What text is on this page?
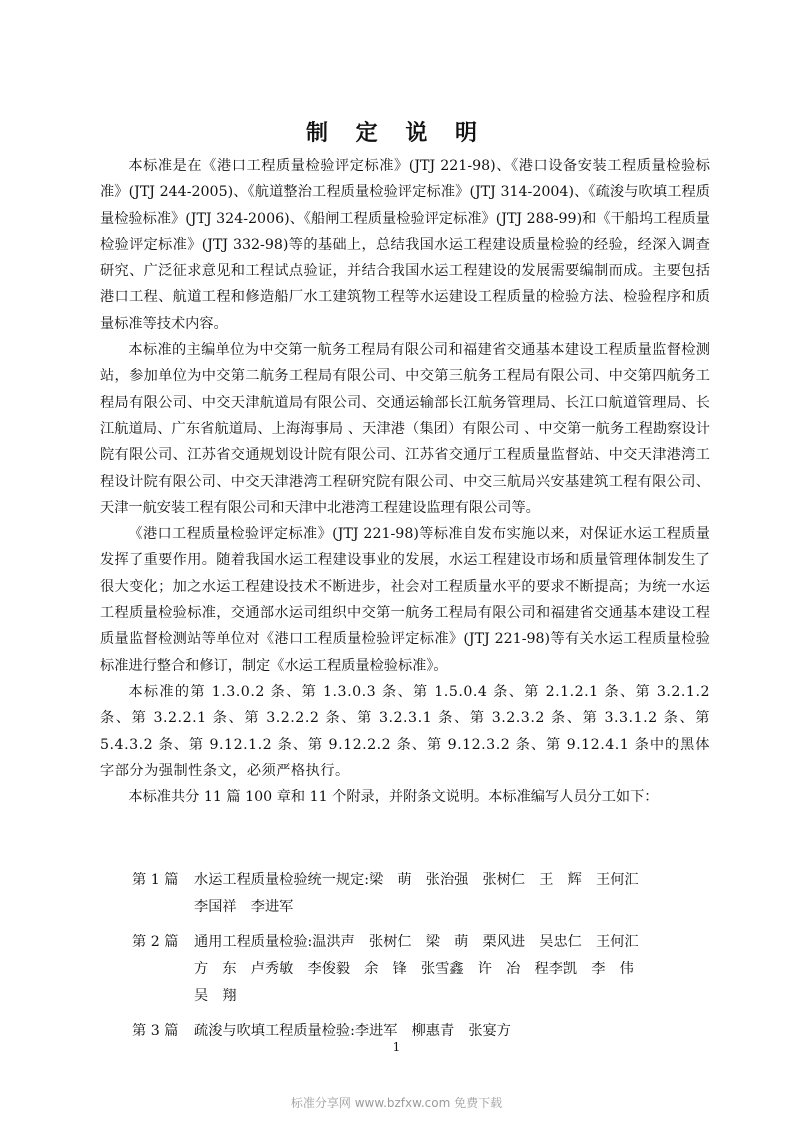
制 定 说 明

本标准是在《港口工程质量检验评定标准》(JTJ 221-98)、《港口设备安装工程质量检验标准》(JTJ 244-2005)、《航道整治工程质量检验评定标准》(JTJ 314-2004)、《疏浚与吹填工程质量检验标准》(JTJ 324-2006)、《船闸工程质量检验评定标准》(JTJ 288-99)和《干船坞工程质量检验评定标准》(JTJ 332-98)等的基础上，总结我国水运工程建设质量检验的经验，经深入调查研究、广泛征求意见和工程试点验证，并结合我国水运工程建设的发展需要编制而成。主要包括港口工程、航道工程和修造船厂水工建筑物工程等水运建设工程质量的检验方法、检验程序和质量标准等技术内容。

本标准的主编单位为中交第一航务工程局有限公司和福建省交通基本建设工程质量监督检测站，参加单位为中交第二航务工程局有限公司、中交第三航务工程局有限公司、中交第四航务工程局有限公司、中交天津航道局有限公司、交通运输部长江航务管理局、长江口航道管理局、长江航道局、广东省航道局、上海海事局 、天津港（集团）有限公司 、中交第一航务工程勘察设计院有限公司、江苏省交通规划设计院有限公司、江苏省交通厅工程质量监督站、中交天津港湾工程设计院有限公司、中交天津港湾工程研究院有限公司、中交三航局兴安基建筑工程有限公司、天津一航安装工程有限公司和天津中北港湾工程建设监理有限公司等。

《港口工程质量检验评定标准》(JTJ 221-98)等标准自发布实施以来，对保证水运工程质量发挥了重要作用。随着我国水运工程建设事业的发展，水运工程建设市场和质量管理体制发生了很大变化；加之水运工程建设技术不断进步，社会对工程质量水平的要求不断提高；为统一水运工程质量检验标准，交通部水运司组织中交第一航务工程局有限公司和福建省交通基本建设工程质量监督检测站等单位对《港口工程质量检验评定标准》(JTJ 221-98)等有关水运工程质量检验标准进行整合和修订，制定《水运工程质量检验标准》。

本标准的第 1.3.0.2 条、第 1.3.0.3 条、第 1.5.0.4 条、第 2.1.2.1 条、第 3.2.1.2 条、第 3.2.2.1 条、第 3.2.2.2 条、第 3.2.3.1 条、第 3.2.3.2 条、第 3.3.1.2 条、第 5.4.3.2 条、第 9.12.1.2 条、第 9.12.2.2 条、第 9.12.3.2 条、第 9.12.4.1 条中的黑体字部分为强制性条文，必须严格执行。

本标准共分 11 篇 100 章和 11 个附录，并附条文说明。本标准编写人员分工如下：

第 1 篇	水运工程质量检验统一规定:梁　萌　张治强　张树仁　王　辉　王何汇
李国祥　李进军
第 2 篇	通用工程质量检验:温洪声　张树仁　梁　萌　栗风进　吴忠仁　王何汇
方　东　卢秀敏　李俊毅　余　锋　张雪鑫　许　冶　程李凯　李　伟
吴　翔
第 3 篇	疏浚与吹填工程质量检验:李进军　柳惠青　张宴方
1
标准分享网 www.bzfxw.com 免费下载
